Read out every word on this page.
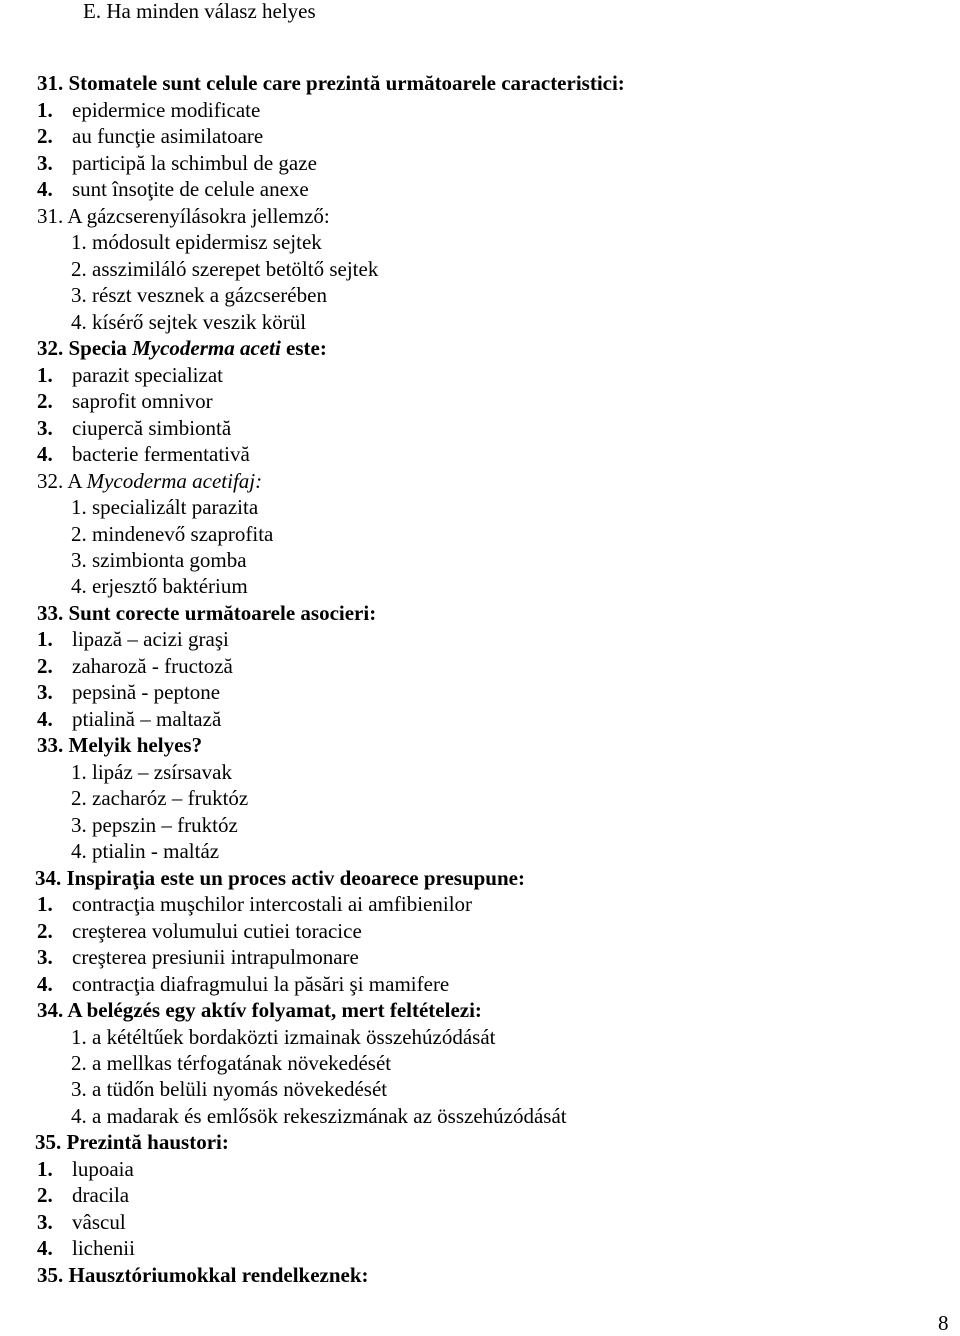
E. Ha minden válasz helyes
31. Stomatele sunt celule care prezintă următoarele caracteristici:
1. epidermice modificate
2. au funcţie asimilatoare
3. participă la schimbul de gaze
4. sunt însoţite de celule anexe
31. A gázcserenyílásokra jellemző:
1. módosult epidermisz sejtek
2. asszimiláló szerepet betöltő sejtek
3. részt vesznek a gázcserében
4. kísérő sejtek veszik körül
32. Specia Mycoderma aceti este:
1. parazit specializat
2. saprofit omnivor
3. ciupercă simbiontă
4. bacterie fermentativă
32. A Mycoderma acetifaj:
1. specializált parazita
2. mindenevő szaprofita
3. szimbionta gomba
4. erjesztő baktérium
33. Sunt corecte următoarele asocieri:
1. lipază – acizi graşi
2. zaharoză - fructoză
3. pepsină - peptone
4. ptialină – maltază
33. Melyik helyes?
1. lipáz – zsírsavak
2. zacharóz – fruktóz
3. pepszin – fruktóz
4. ptialin - maltáz
34. Inspiraţia este un proces activ deoarece presupune:
1. contracţia muşchilor intercostali ai amfibienilor
2. creşterea volumului cutiei toracice
3. creşterea presiunii intrapulmonare
4. contracţia diafragmului la păsări şi mamifere
34. A belégzés egy aktív folyamat, mert feltételezi:
1. a kétéltűek bordaközti izmainak összehúzódását
2. a mellkas térfogatának növekedését
3. a tüdőn belüli nyomás növekedését
4. a madarak és emlősök rekeszizmának az összehúzódását
35. Prezintă haustori:
1. lupoaia
2. dracila
3. vâscul
4. lichenii
35. Hausztóriumokkal rendelkeznek:
8
